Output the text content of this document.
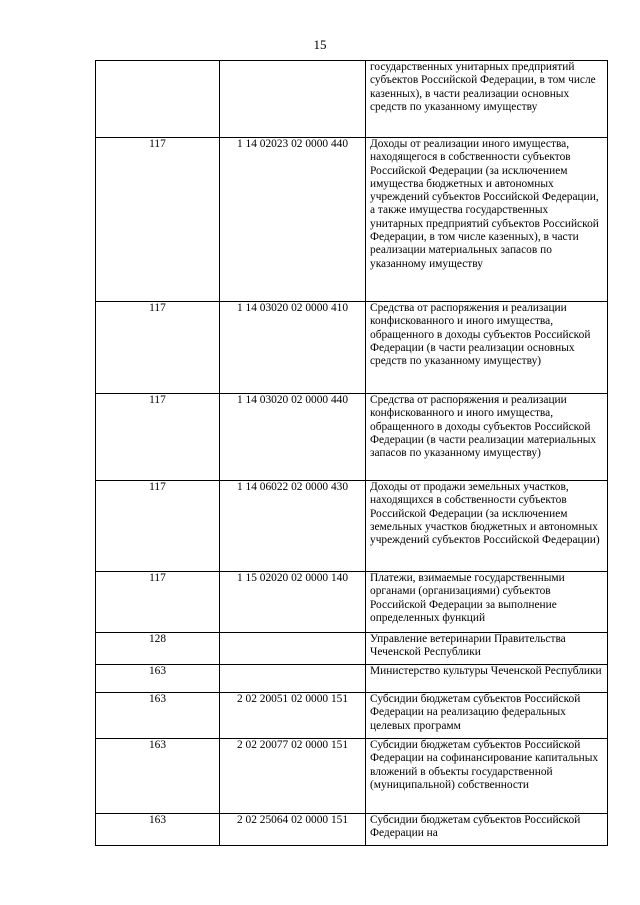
15
		государственных унитарных предприятий субъектов Российской Федерации, в том числе казенных), в части реализации основных средств по указанному имуществу
117	1 14 02023 02 0000 440	Доходы от реализации иного имущества, находящегося в собственности субъектов Российской Федерации (за исключением имущества бюджетных и автономных учреждений субъектов Российской Федерации, а также имущества государственных унитарных предприятий субъектов Российской Федерации, в том числе казенных), в части реализации материальных запасов по указанному имуществу
117	1 14 03020 02 0000 410	Средства от распоряжения и реализации конфискованного и иного имущества, обращенного в доходы субъектов Российской Федерации (в части реализации основных средств по указанному имуществу)
117	1 14 03020 02 0000 440	Средства от распоряжения и реализации конфискованного и иного имущества, обращенного в доходы субъектов Российской Федерации (в части реализации материальных запасов по указанному имуществу)
117	1 14 06022 02 0000 430	Доходы от продажи земельных участков, находящихся в собственности субъектов Российской Федерации (за исключением земельных участков бюджетных и автономных учреждений субъектов Российской Федерации)
117	1 15 02020 02 0000 140	Платежи, взимаемые государственными органами (организациями) субъектов Российской Федерации за выполнение определенных функций
128		Управление ветеринарии Правительства Чеченской Республики
163		Министерство культуры Чеченской Республики
163	2 02 20051 02 0000 151	Субсидии бюджетам субъектов Российской Федерации на реализацию федеральных целевых программ
163	2 02 20077 02 0000 151	Субсидии бюджетам субъектов Российской Федерации на софинансирование капитальных вложений в объекты государственной (муниципальной) собственности
163	2 02 25064 02 0000 151	Субсидии бюджетам субъектов Российской Федерации на
